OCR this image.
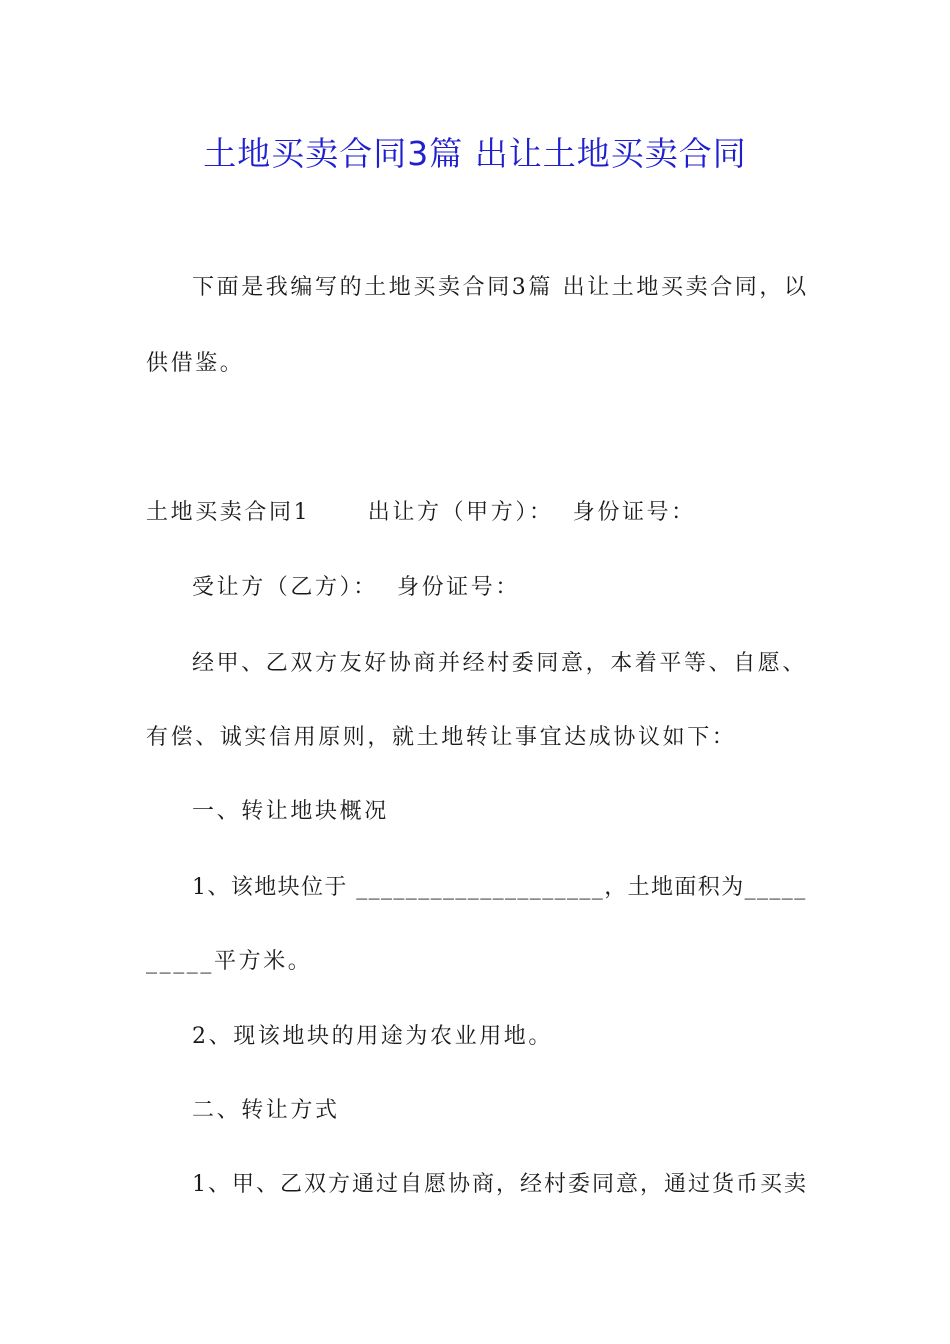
土地买卖合同3篇 出让土地买卖合同
下面是我编写的土地买卖合同3篇 出让土地买卖合同，以
供借鉴。
土地买卖合同1      出让方（甲方）：  身份证号：
受让方（乙方）：  身份证号：
经甲、乙双方友好协商并经村委同意，本着平等、自愿、
有偿、诚实信用原则，就土地转让事宜达成协议如下：
一、转让地块概况
1、该地块位于 ____________________，土地面积为_____
_____平方米。
2、现该地块的用途为农业用地。
二、转让方式
1、甲、乙双方通过自愿协商，经村委同意，通过货币买卖
